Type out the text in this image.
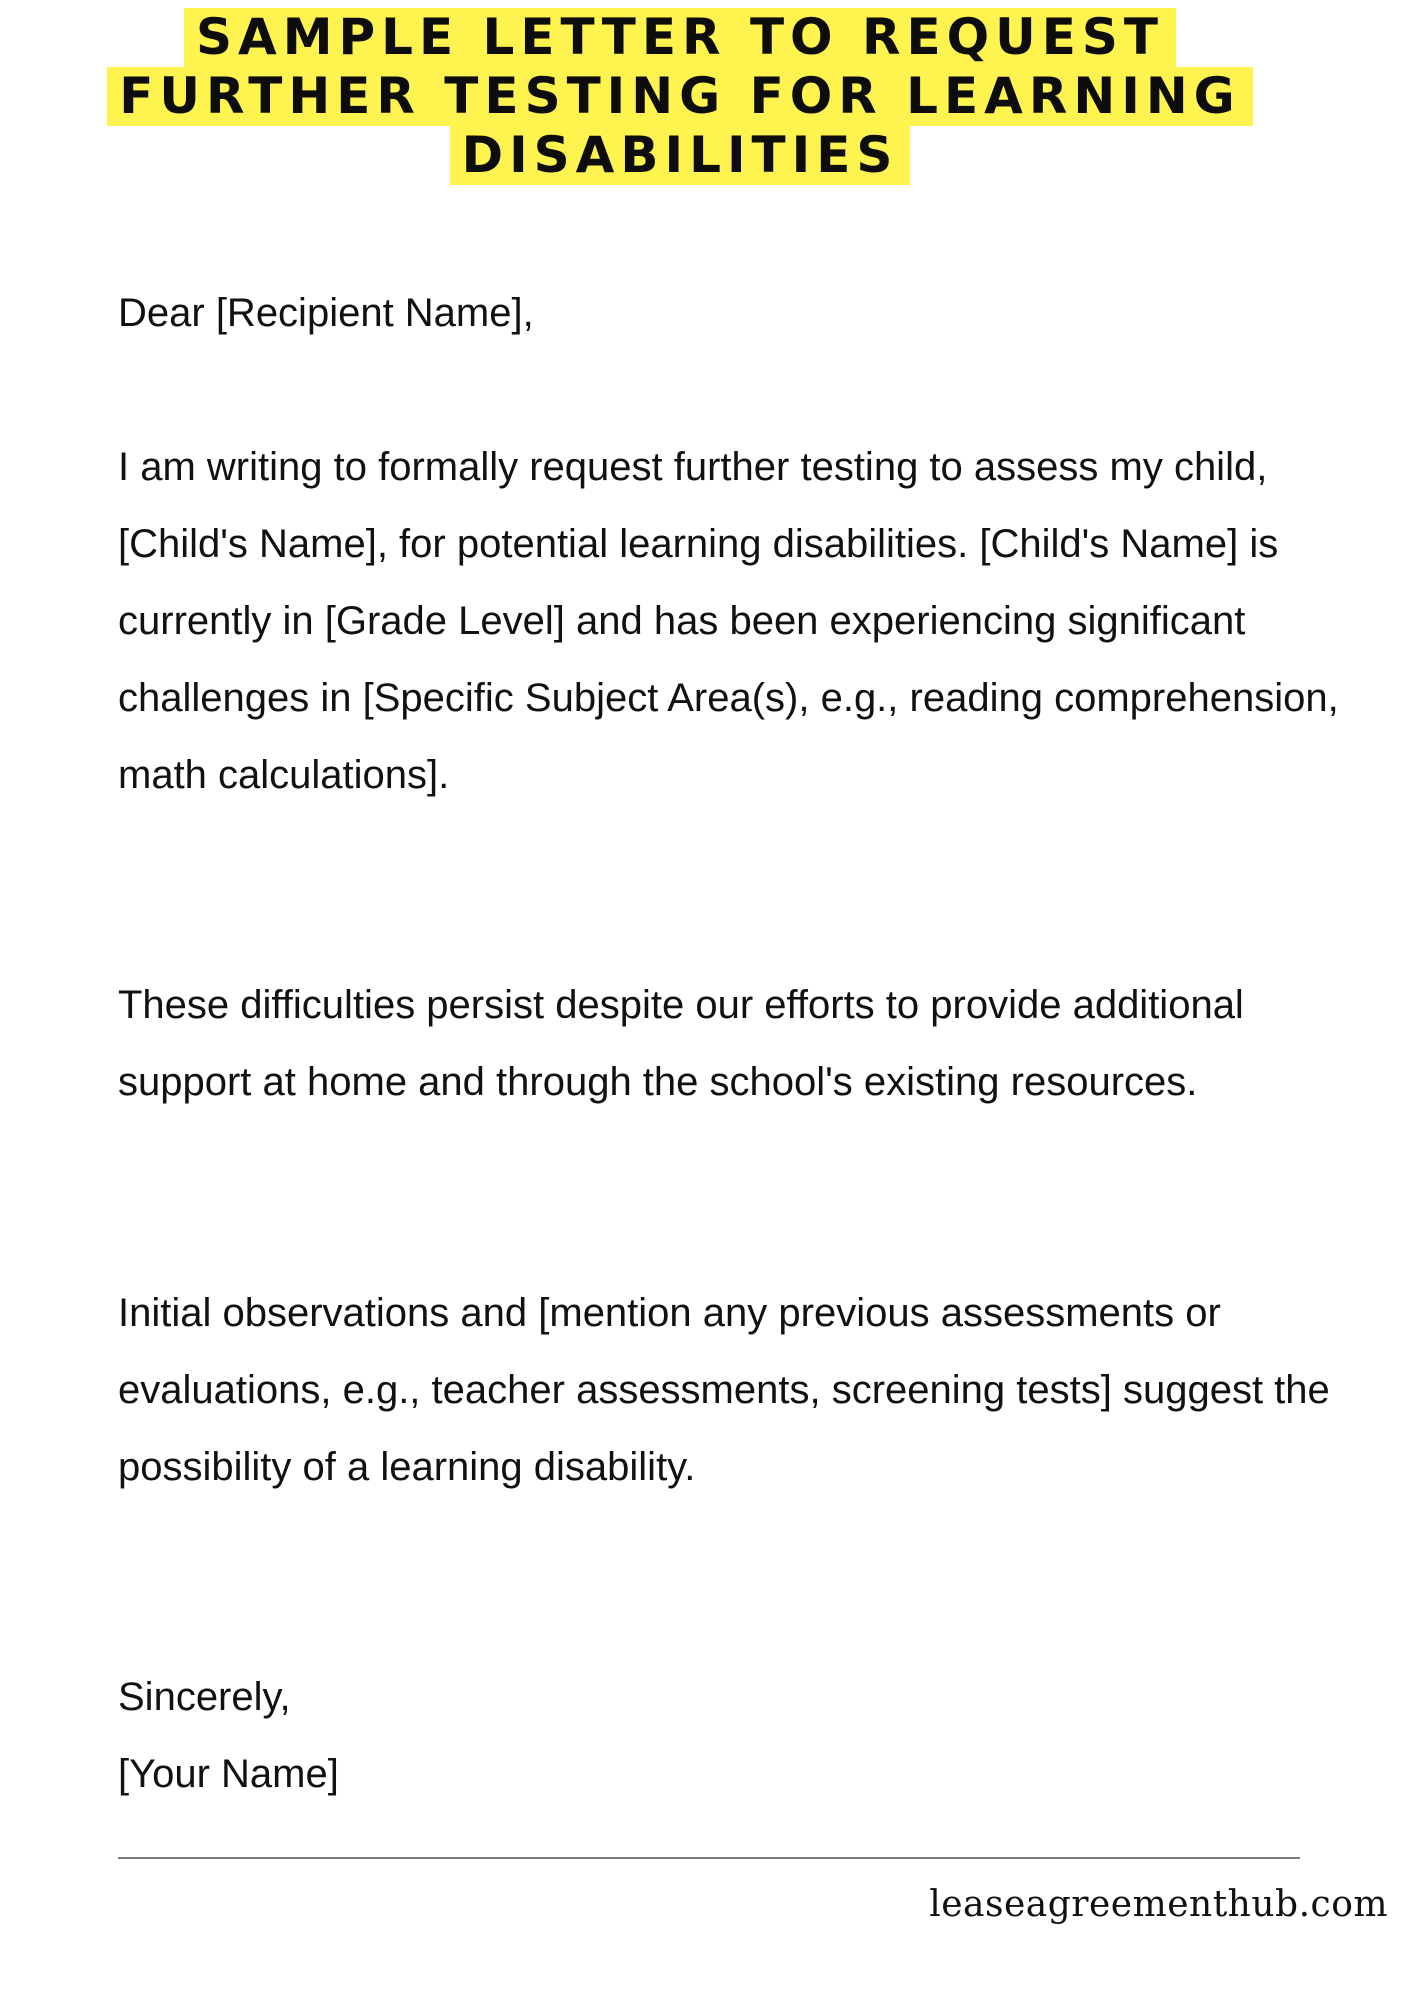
SAMPLE LETTER TO REQUEST
FURTHER TESTING FOR LEARNING
DISABILITIES

Dear [Recipient Name],

I am writing to formally request further testing to assess my child, [Child's Name], for potential learning disabilities. [Child's Name] is currently in [Grade Level] and has been experiencing significant challenges in [Specific Subject Area(s), e.g., reading comprehension, math calculations].

These difficulties persist despite our efforts to provide additional support at home and through the school's existing resources.

Initial observations and [mention any previous assessments or evaluations, e.g., teacher assessments, screening tests] suggest the possibility of a learning disability.

Sincerely,

[Your Name]

leaseagreementhub.com
